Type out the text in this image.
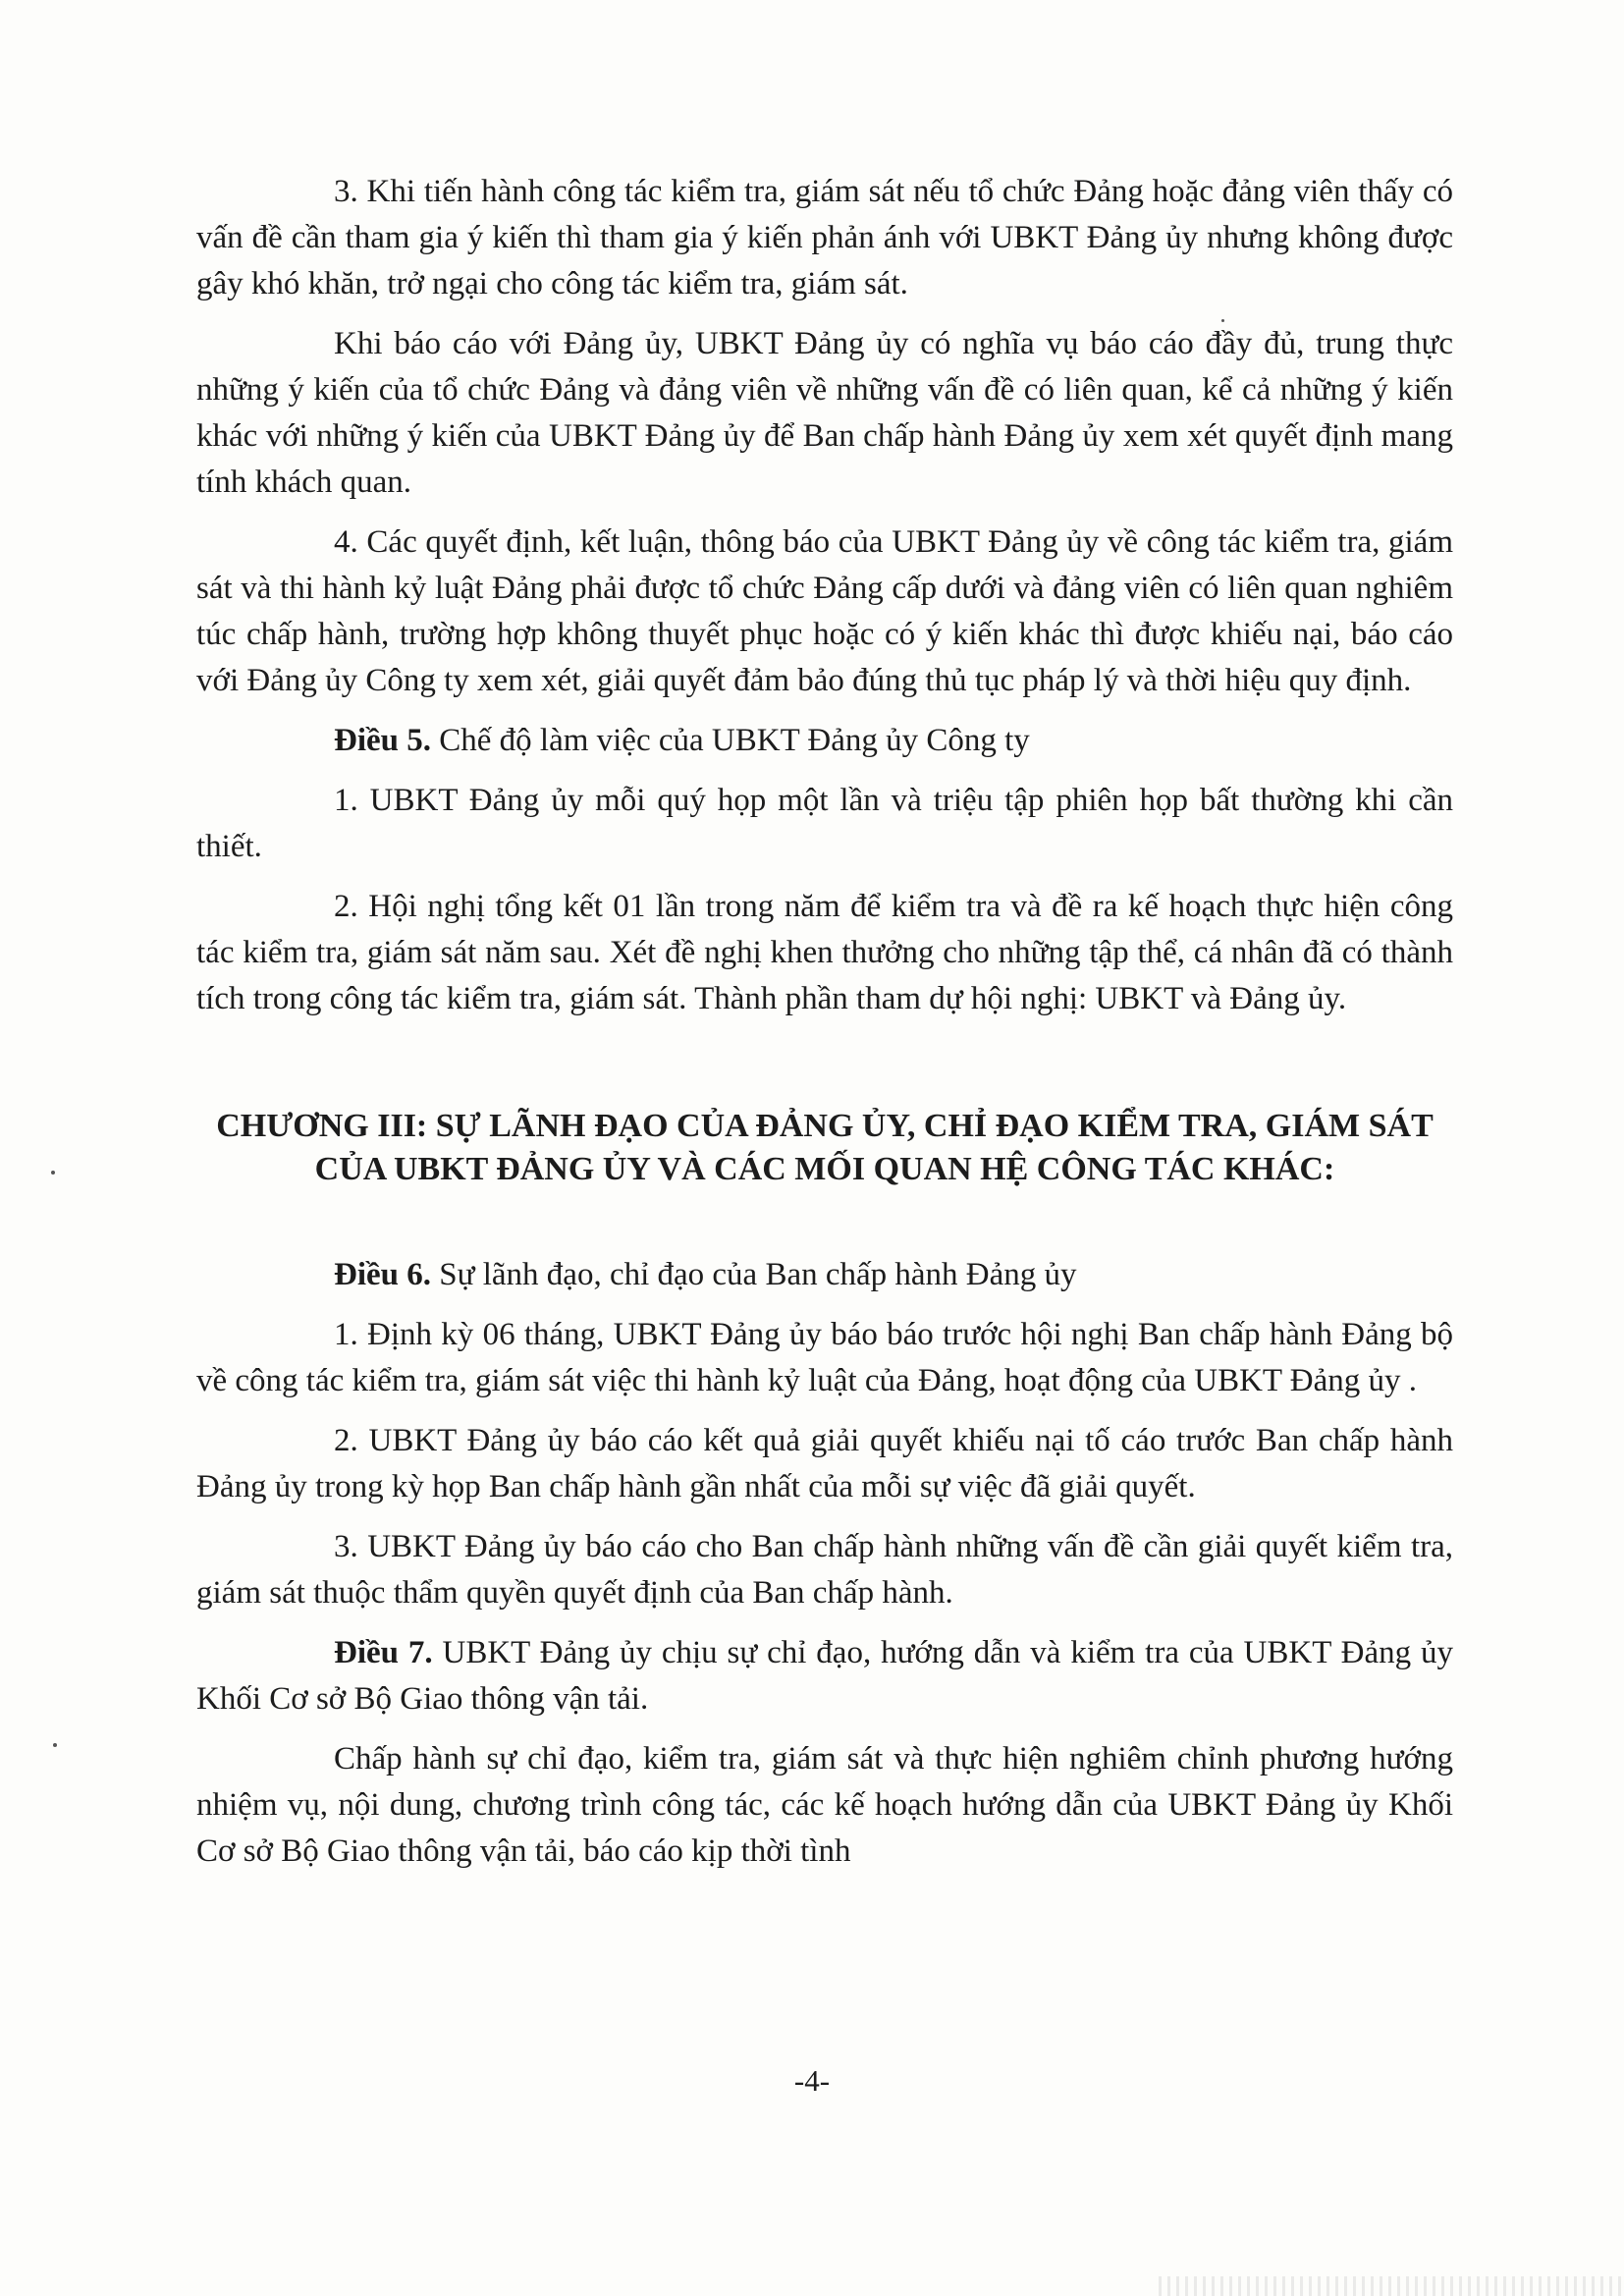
3. Khi tiến hành công tác kiểm tra, giám sát nếu tổ chức Đảng hoặc đảng viên thấy có vấn đề cần tham gia ý kiến thì tham gia ý kiến phản ánh với UBKT Đảng ủy nhưng không được gây khó khăn, trở ngại cho công tác kiểm tra, giám sát.

Khi báo cáo với Đảng ủy, UBKT Đảng ủy có nghĩa vụ báo cáo đầy đủ, trung thực những ý kiến của tổ chức Đảng và đảng viên về những vấn đề có liên quan, kể cả những ý kiến khác với những ý kiến của UBKT Đảng ủy để Ban chấp hành Đảng ủy xem xét quyết định mang tính khách quan.

4. Các quyết định, kết luận, thông báo của UBKT Đảng ủy về công tác kiểm tra, giám sát và thi hành kỷ luật Đảng phải được tổ chức Đảng cấp dưới và đảng viên có liên quan nghiêm túc chấp hành, trường hợp không thuyết phục hoặc có ý kiến khác thì được khiếu nại, báo cáo với Đảng ủy Công ty xem xét, giải quyết đảm bảo đúng thủ tục pháp lý và thời hiệu quy định.

Điều 5. Chế độ làm việc của UBKT Đảng ủy Công ty

1. UBKT Đảng ủy mỗi quý họp một lần và triệu tập phiên họp bất thường khi cần thiết.

2. Hội nghị tổng kết 01 lần trong năm để kiểm tra và đề ra kế hoạch thực hiện công tác kiểm tra, giám sát năm sau. Xét đề nghị khen thưởng cho những tập thể, cá nhân đã có thành tích trong công tác kiểm tra, giám sát. Thành phần tham dự hội nghị: UBKT và Đảng ủy.

CHƯƠNG III: SỰ LÃNH ĐẠO CỦA ĐẢNG ỦY, CHỈ ĐẠO KIỂM TRA, GIÁM SÁT CỦA UBKT ĐẢNG ỦY VÀ CÁC MỐI QUAN HỆ CÔNG TÁC KHÁC:

Điều 6. Sự lãnh đạo, chỉ đạo của Ban chấp hành Đảng ủy

1. Định kỳ 06 tháng, UBKT Đảng ủy báo báo trước hội nghị Ban chấp hành Đảng bộ về công tác kiểm tra, giám sát việc thi hành kỷ luật của Đảng, hoạt động của UBKT Đảng ủy .

2. UBKT Đảng ủy báo cáo kết quả giải quyết khiếu nại tố cáo trước Ban chấp hành Đảng ủy trong kỳ họp Ban chấp hành gần nhất của mỗi sự việc đã giải quyết.

3. UBKT Đảng ủy báo cáo cho Ban chấp hành những vấn đề cần giải quyết kiểm tra, giám sát thuộc thẩm quyền quyết định của Ban chấp hành.

Điều 7. UBKT Đảng ủy chịu sự chỉ đạo, hướng dẫn và kiểm tra của UBKT Đảng ủy Khối Cơ sở Bộ Giao thông vận tải.

Chấp hành sự chỉ đạo, kiểm tra, giám sát và thực hiện nghiêm chỉnh phương hướng nhiệm vụ, nội dung, chương trình công tác, các kế hoạch hướng dẫn của UBKT Đảng ủy Khối Cơ sở Bộ Giao thông vận tải, báo cáo kịp thời tình

-4-
